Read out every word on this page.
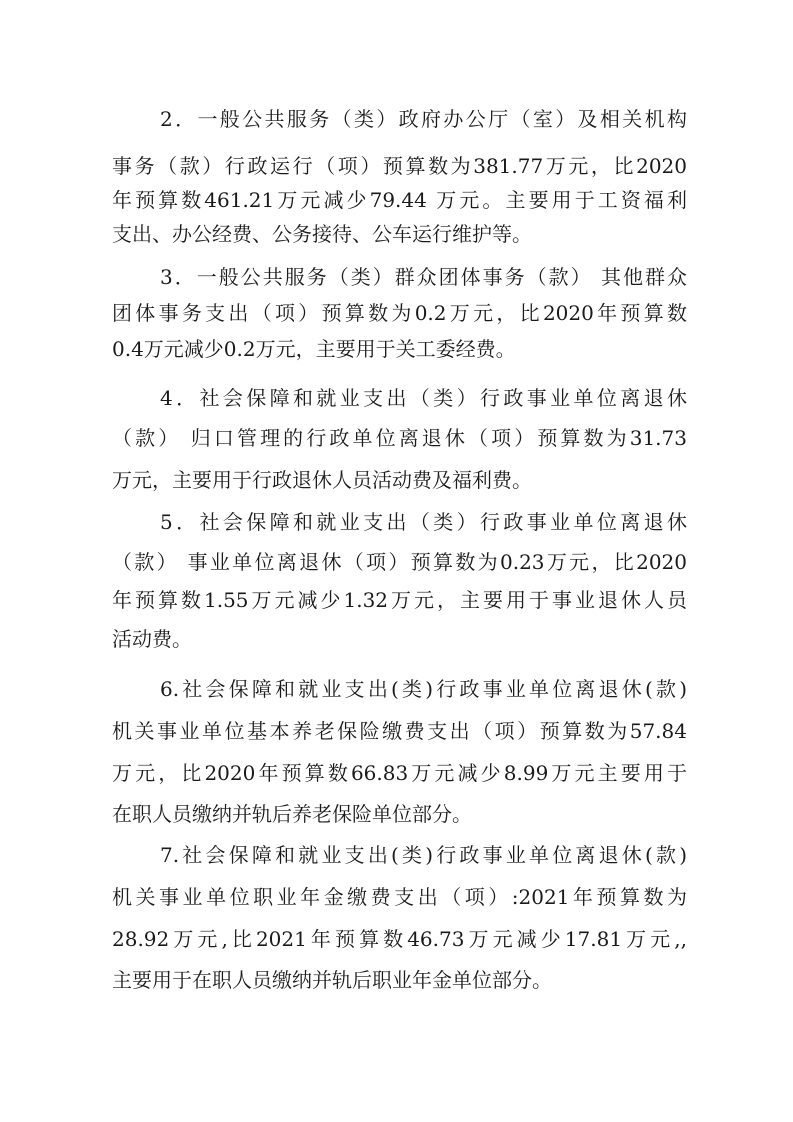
2．一般公共服务（类）政府办公厅（室）及相关机构
事务（款）行政运行（项）预算数为381.77万元，比2020
年预算数461.21万元减少79.44 万元。主要用于工资福利
支出、办公经费、公务接待、公车运行维护等。
3．一般公共服务（类）群众团体事务（款） 其他群众
团体事务支出（项）预算数为0.2万元，比2020年预算数
0.4万元减少0.2万元，主要用于关工委经费。
4．社会保障和就业支出（类）行政事业单位离退休
（款） 归口管理的行政单位离退休（项）预算数为31.73
万元，主要用于行政退休人员活动费及福利费。
5．社会保障和就业支出（类）行政事业单位离退休
（款） 事业单位离退休（项）预算数为0.23万元，比2020
年预算数1.55万元减少1.32万元，主要用于事业退休人员
活动费。
6.社会保障和就业支出(类)行政事业单位离退休(款)
机关事业单位基本养老保险缴费支出（项）预算数为57.84
万元，比2020年预算数66.83万元减少8.99万元主要用于
在职人员缴纳并轨后养老保险单位部分。
7.社会保障和就业支出(类)行政事业单位离退休(款)
机关事业单位职业年金缴费支出（项）:2021年预算数为
28.92万元,比2021年预算数46.73万元减少17.81万元,,
主要用于在职人员缴纳并轨后职业年金单位部分。
